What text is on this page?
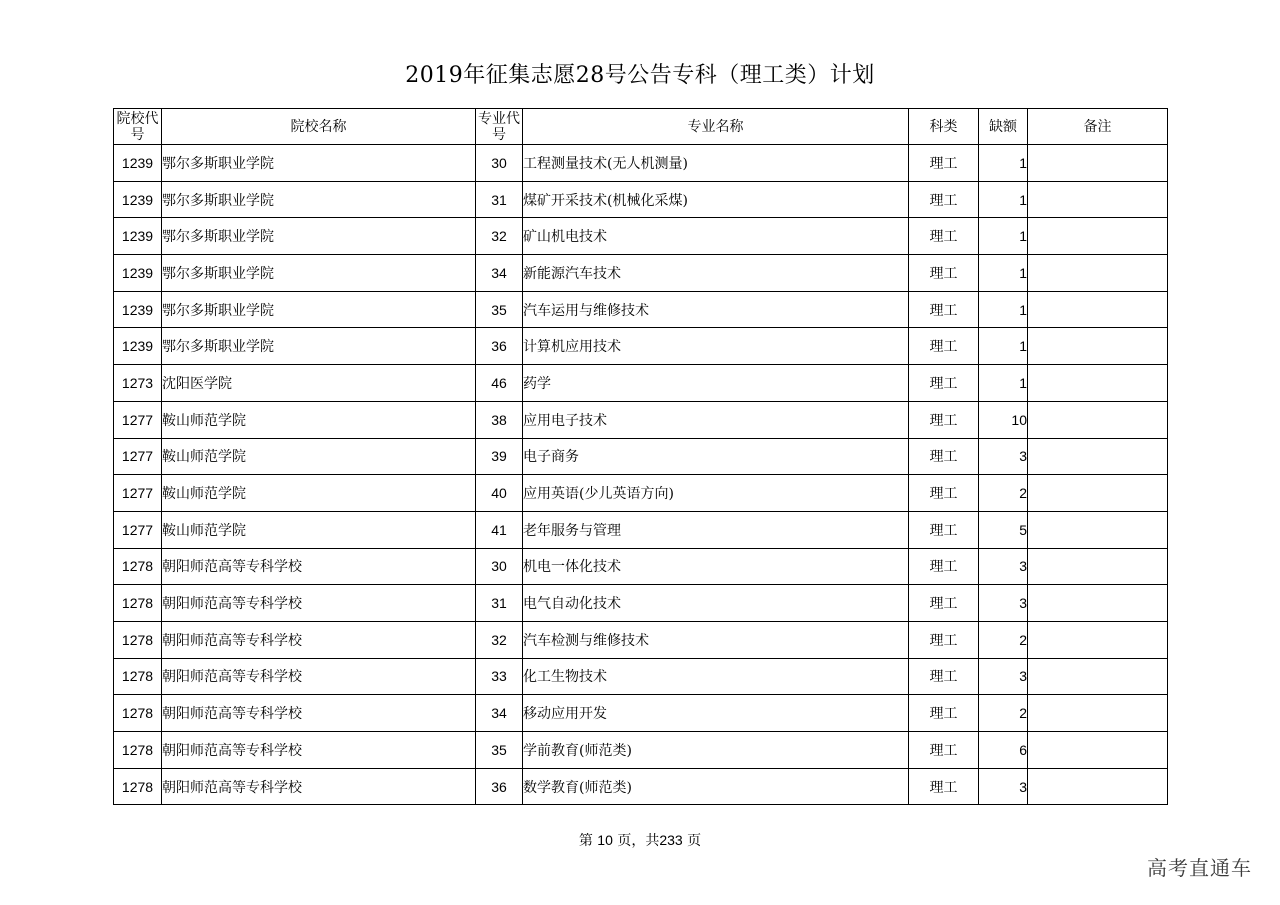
2019年征集志愿28号公告专科（理工类）计划
院校代号	院校名称	专业代号	专业名称	科类	缺额	备注
1239	鄂尔多斯职业学院	30	工程测量技术(无人机测量)	理工	1	
1239	鄂尔多斯职业学院	31	煤矿开采技术(机械化采煤)	理工	1	
1239	鄂尔多斯职业学院	32	矿山机电技术	理工	1	
1239	鄂尔多斯职业学院	34	新能源汽车技术	理工	1	
1239	鄂尔多斯职业学院	35	汽车运用与维修技术	理工	1	
1239	鄂尔多斯职业学院	36	计算机应用技术	理工	1	
1273	沈阳医学院	46	药学	理工	1	
1277	鞍山师范学院	38	应用电子技术	理工	10	
1277	鞍山师范学院	39	电子商务	理工	3	
1277	鞍山师范学院	40	应用英语(少儿英语方向)	理工	2	
1277	鞍山师范学院	41	老年服务与管理	理工	5	
1278	朝阳师范高等专科学校	30	机电一体化技术	理工	3	
1278	朝阳师范高等专科学校	31	电气自动化技术	理工	3	
1278	朝阳师范高等专科学校	32	汽车检测与维修技术	理工	2	
1278	朝阳师范高等专科学校	33	化工生物技术	理工	3	
1278	朝阳师范高等专科学校	34	移动应用开发	理工	2	
1278	朝阳师范高等专科学校	35	学前教育(师范类)	理工	6	
1278	朝阳师范高等专科学校	36	数学教育(师范类)	理工	3	
第 10 页，共233 页
高考直通车
